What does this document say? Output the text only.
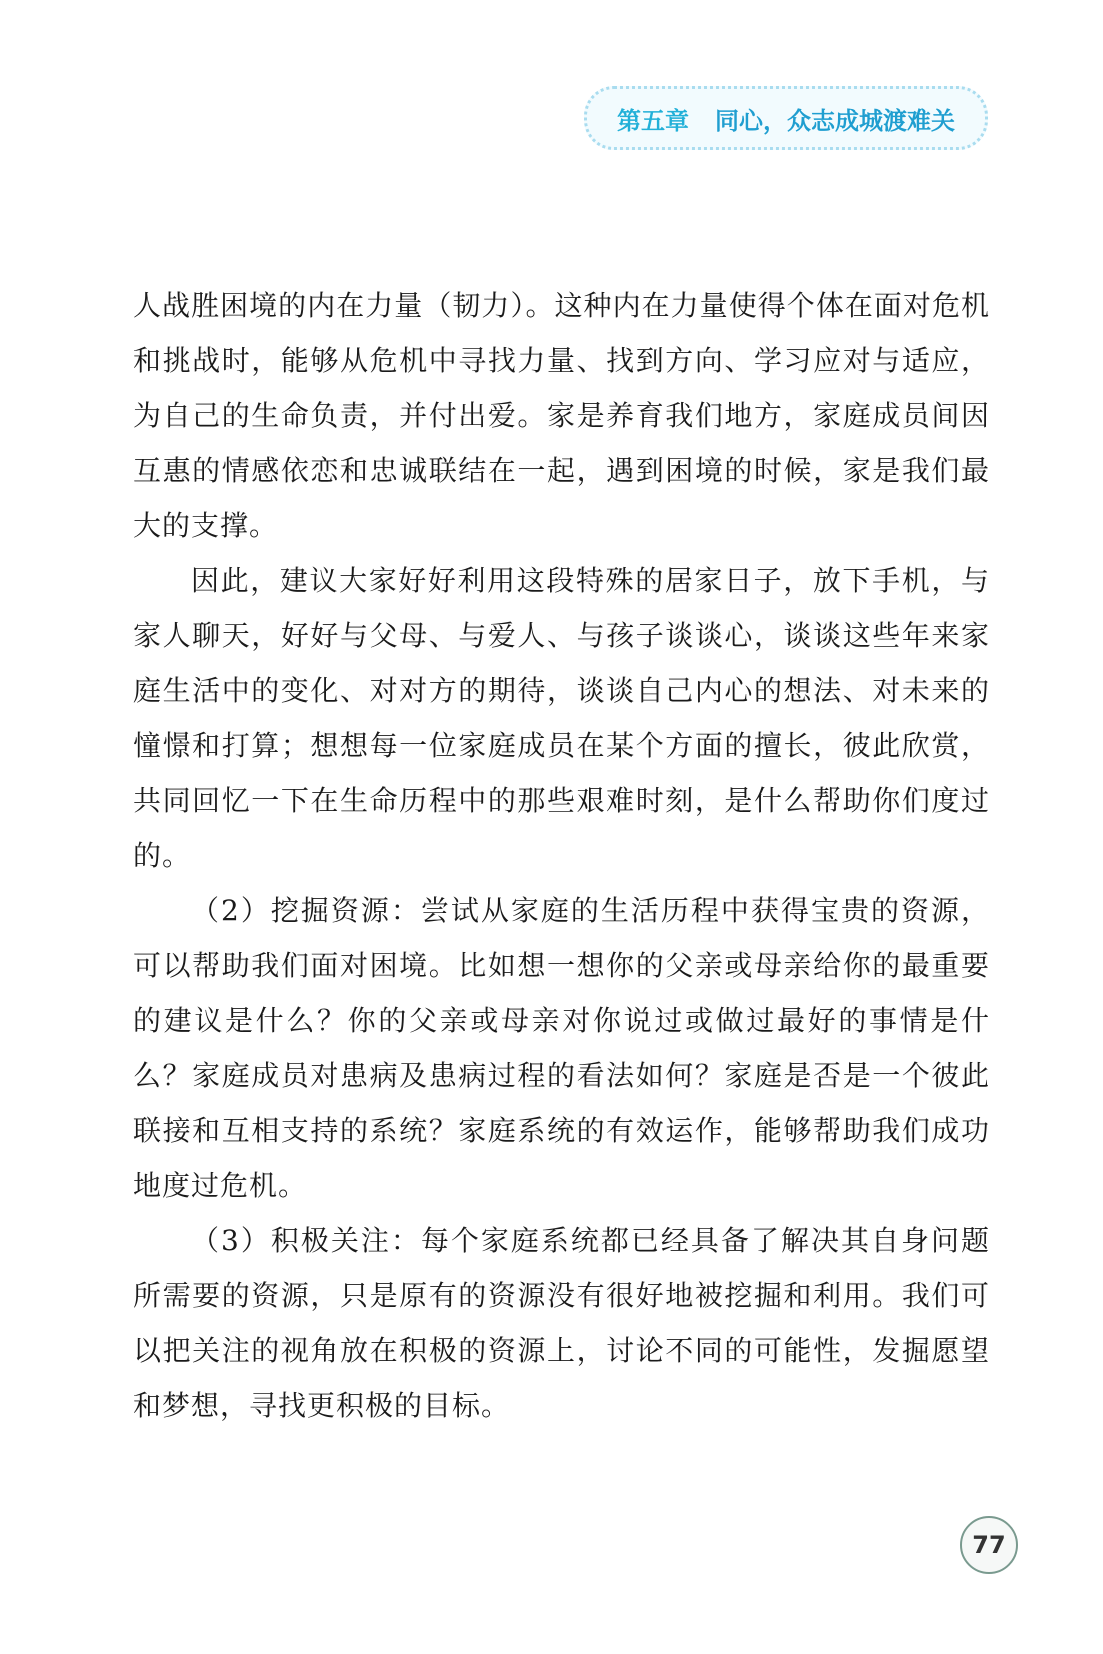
第五章 同心，众志成城渡难关

人战胜困境的内在力量（韧力）。这种内在力量使得个体在面对危机和挑战时，能够从危机中寻找力量、找到方向、学习应对与适应，为自己的生命负责，并付出爱。家是养育我们地方，家庭成员间因互惠的情感依恋和忠诚联结在一起，遇到困境的时候，家是我们最大的支撑。

因此，建议大家好好利用这段特殊的居家日子，放下手机，与家人聊天，好好与父母、与爱人、与孩子谈谈心，谈谈这些年来家庭生活中的变化、对对方的期待，谈谈自己内心的想法、对未来的憧憬和打算；想想每一位家庭成员在某个方面的擅长，彼此欣赏，共同回忆一下在生命历程中的那些艰难时刻，是什么帮助你们度过的。

（2）挖掘资源：尝试从家庭的生活历程中获得宝贵的资源，可以帮助我们面对困境。比如想一想你的父亲或母亲给你的最重要的建议是什么？你的父亲或母亲对你说过或做过最好的事情是什么？家庭成员对患病及患病过程的看法如何？家庭是否是一个彼此联接和互相支持的系统？家庭系统的有效运作，能够帮助我们成功地度过危机。

（3）积极关注：每个家庭系统都已经具备了解决其自身问题所需要的资源，只是原有的资源没有很好地被挖掘和利用。我们可以把关注的视角放在积极的资源上，讨论不同的可能性，发掘愿望和梦想，寻找更积极的目标。

77
